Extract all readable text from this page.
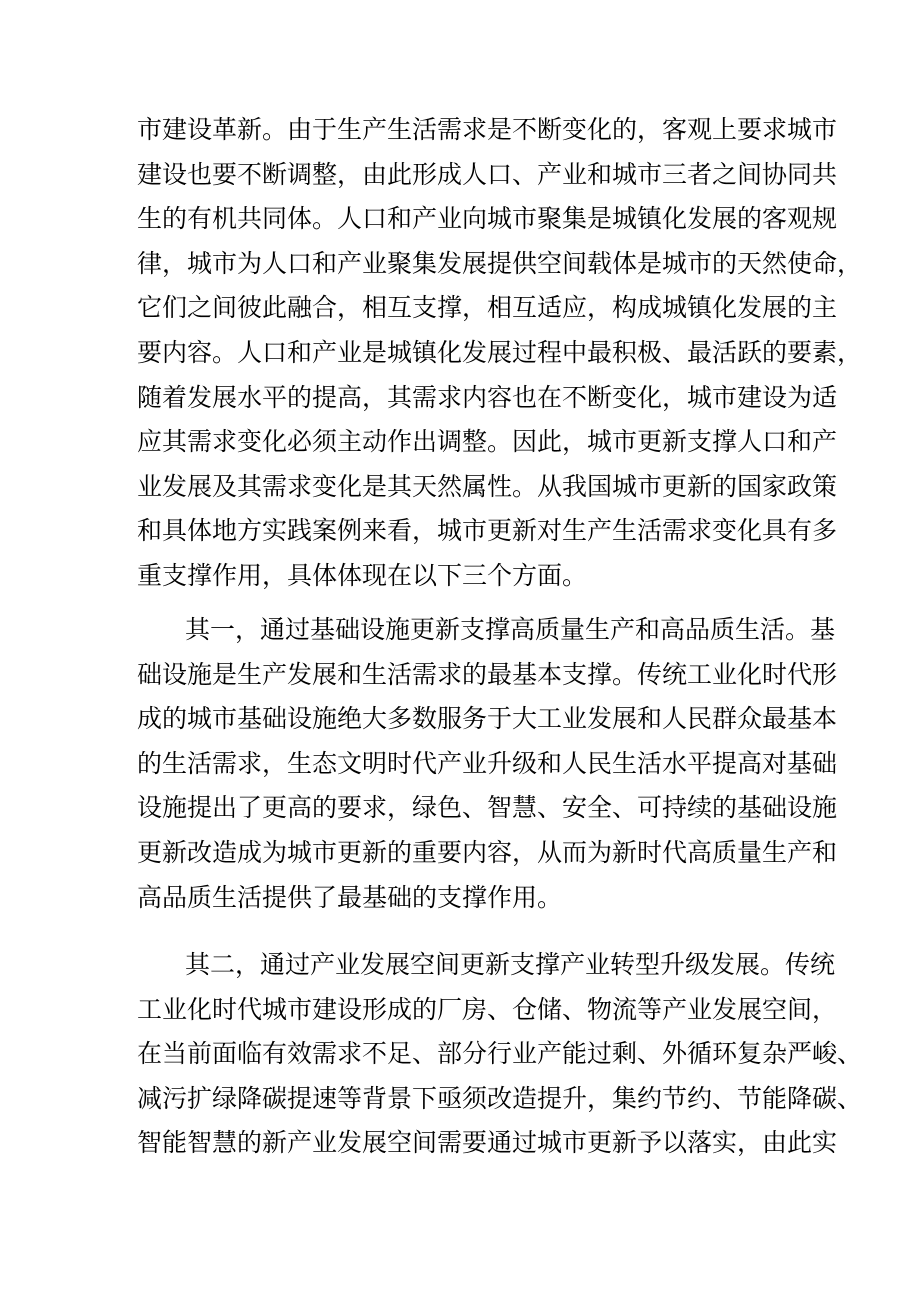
市建设革新。由于生产生活需求是不断变化的，客观上要求城市
建设也要不断调整，由此形成人口、产业和城市三者之间协同共
生的有机共同体。人口和产业向城市聚集是城镇化发展的客观规
律，城市为人口和产业聚集发展提供空间载体是城市的天然使命，
它们之间彼此融合，相互支撑，相互适应，构成城镇化发展的主
要内容。人口和产业是城镇化发展过程中最积极、最活跃的要素，
随着发展水平的提高，其需求内容也在不断变化，城市建设为适
应其需求变化必须主动作出调整。因此，城市更新支撑人口和产
业发展及其需求变化是其天然属性。从我国城市更新的国家政策
和具体地方实践案例来看，城市更新对生产生活需求变化具有多
重支撑作用，具体体现在以下三个方面。
其一，通过基础设施更新支撑高质量生产和高品质生活。基
础设施是生产发展和生活需求的最基本支撑。传统工业化时代形
成的城市基础设施绝大多数服务于大工业发展和人民群众最基本
的生活需求，生态文明时代产业升级和人民生活水平提高对基础
设施提出了更高的要求，绿色、智慧、安全、可持续的基础设施
更新改造成为城市更新的重要内容，从而为新时代高质量生产和
高品质生活提供了最基础的支撑作用。
其二，通过产业发展空间更新支撑产业转型升级发展。传统
工业化时代城市建设形成的厂房、仓储、物流等产业发展空间，
在当前面临有效需求不足、部分行业产能过剩、外循环复杂严峻、
减污扩绿降碳提速等背景下亟须改造提升，集约节约、节能降碳、
智能智慧的新产业发展空间需要通过城市更新予以落实，由此实
